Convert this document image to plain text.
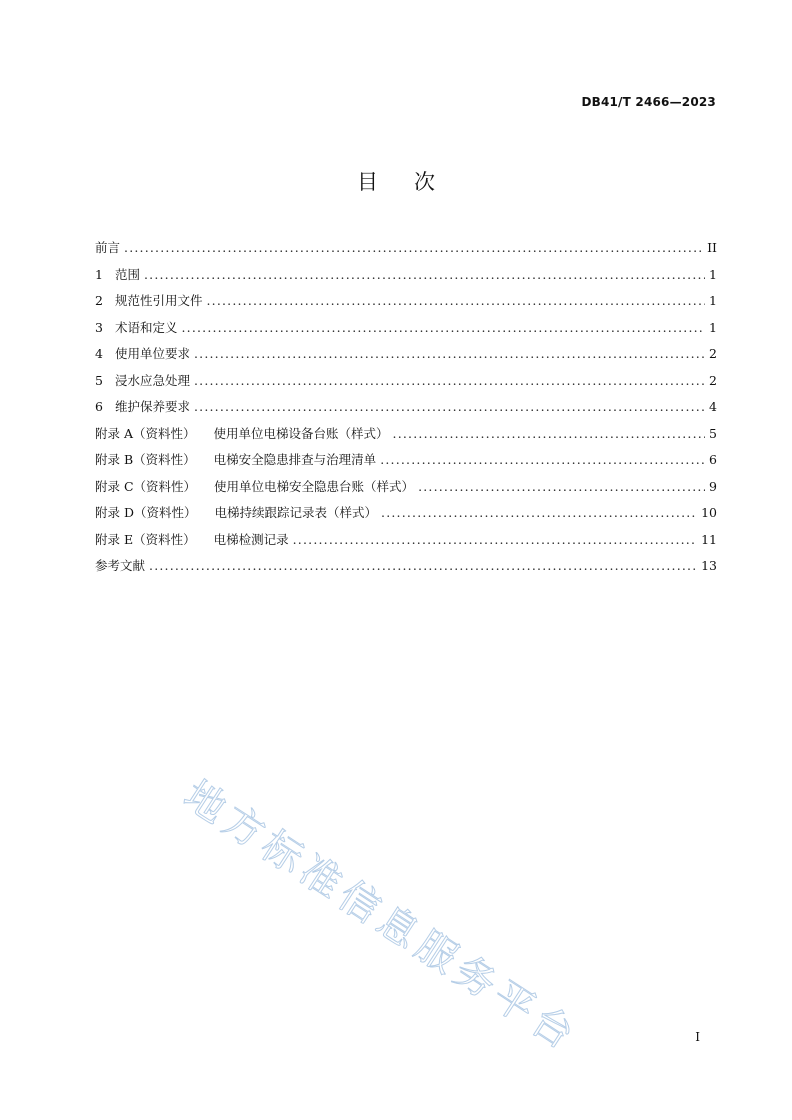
DB41/T 2466—2023
目次
前言 .....	II
1 范围 .....	1
2 规范性引用文件 .....	1
3 术语和定义 .....	1
4 使用单位要求 .....	2
5 浸水应急处理 .....	2
6 维护保养要求 .....	4
附录 A（资料性） 使用单位电梯设备台账（样式） .....	5
附录 B（资料性） 电梯安全隐患排查与治理清单 .....	6
附录 C（资料性） 使用单位电梯安全隐患台账（样式） .....	9
附录 D（资料性） 电梯持续跟踪记录表（样式） .....	10
附录 E（资料性） 电梯检测记录 .....	11
参考文献 .....	13
地方标准信息服务平台	I
